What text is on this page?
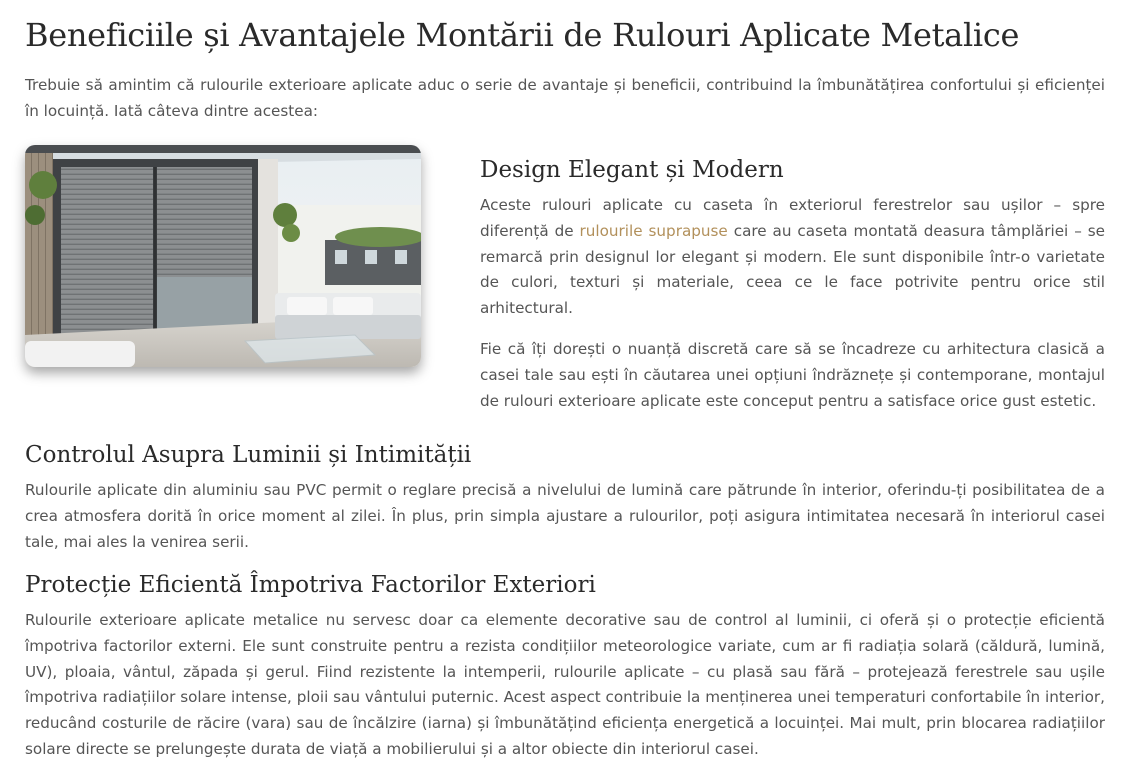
Beneficiile și Avantajele Montării de Rulouri Aplicate Metalice

Trebuie să amintim că rulourile exterioare aplicate aduc o serie de avantaje și beneficii, contribuind la îmbunătățirea confortului și eficienței în locuință. Iată câteva dintre acestea:

Design Elegant și Modern

Aceste rulouri aplicate cu caseta în exteriorul ferestrelor sau ușilor – spre diferență de rulourile suprapuse care au caseta montată deasura tâmplăriei – se remarcă prin designul lor elegant și modern. Ele sunt disponibile într-o varietate de culori, texturi și materiale, ceea ce le face potrivite pentru orice stil arhitectural.

Fie că îți dorești o nuanță discretă care să se încadreze cu arhitectura clasică a casei tale sau ești în căutarea unei opțiuni îndrăznețe și contemporane, montajul de rulouri exterioare aplicate este conceput pentru a satisface orice gust estetic.

Controlul Asupra Luminii și Intimității

Rulourile aplicate din aluminiu sau PVC permit o reglare precisă a nivelului de lumină care pătrunde în interior, oferindu-ți posibilitatea de a crea atmosfera dorită în orice moment al zilei. În plus, prin simpla ajustare a rulourilor, poți asigura intimitatea necesară în interiorul casei tale, mai ales la venirea serii.

Protecție Eficientă Împotriva Factorilor Exteriori

Rulourile exterioare aplicate metalice nu servesc doar ca elemente decorative sau de control al luminii, ci oferă și o protecție eficientă împotriva factorilor externi. Ele sunt construite pentru a rezista condițiilor meteorologice variate, cum ar fi radiația solară (căldură, lumină, UV), ploaia, vântul, zăpada și gerul. Fiind rezistente la intemperii, rulourile aplicate – cu plasă sau fără – protejează ferestrele sau ușile împotriva radiațiilor solare intense, ploii sau vântului puternic. Acest aspect contribuie la menținerea unei temperaturi confortabile în interior, reducând costurile de răcire (vara) sau de încălzire (iarna) și îmbunătățind eficiența energetică a locuinței. Mai mult, prin blocarea radiațiilor solare directe se prelungește durata de viață a mobilierului și a altor obiecte din interiorul casei.
